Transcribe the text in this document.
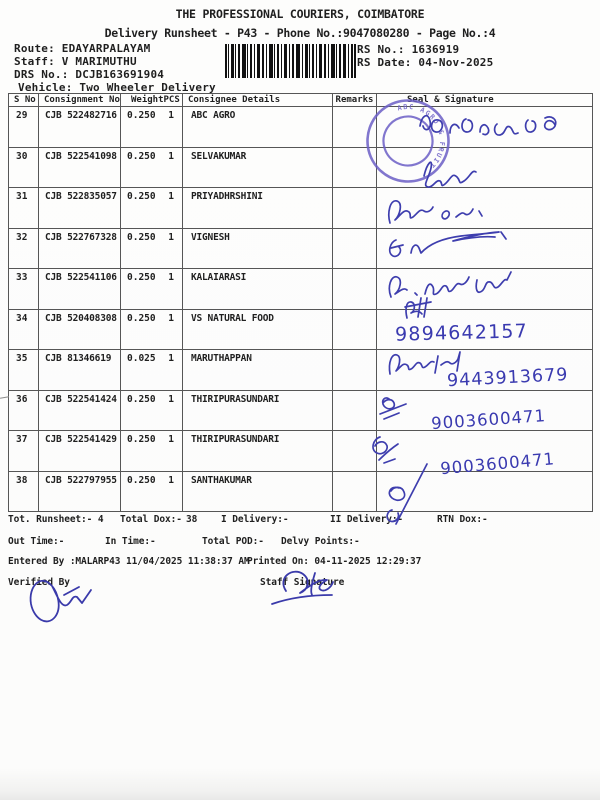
THE PROFESSIONAL COURIERS, COIMBATORE
Delivery Runsheet - P43 - Phone No.:9047080280 - Page No.:4
Route: EDAYARPALAYAM
Staff: V MARIMUTHU
DRS No.: DCJB163691904
Vehicle: Two Wheeler Delivery
RS No.: 1636919
RS Date: 04-Nov-2025
S No	Consignment No	Weight PCS	Consignee Details	Remarks	Seal & Signature
29	CJB 522482716	0.250 1	ABC AGRO		
30	CJB 522541098	0.250 1	SELVAKUMAR		
31	CJB 522835057	0.250 1	PRIYADHRSHINI		
32	CJB 522767328	0.250 1	VIGNESH		
33	CJB 522541106	0.250 1	KALAIARASI		
34	CJB 520408308	0.250 1	VS NATURAL FOOD		
35	CJB 81346619	0.025 1	MARUTHAPPAN		
36	CJB 522541424	0.250 1	THIRIPURASUNDARI		
37	CJB 522541429	0.250 1	THIRIPURASUNDARI		
38	CJB 522797955	0.250 1	SANTHAKUMAR		
Tot. Runsheet:- 4 Total Dox:- 38	I Delivery:-	II Delivery:-	RTN Dox:-
Out Time:-	In Time:-	Total POD:- Delvy Points:-
Entered By :MALARP43 11/04/2025 11:38:37 AM
Printed On: 04-11-2025 12:29:37
Verified By	Staff Signature
ABC AGRO & FRUIT
9894642157
9443913679
9003600471
9003600471
